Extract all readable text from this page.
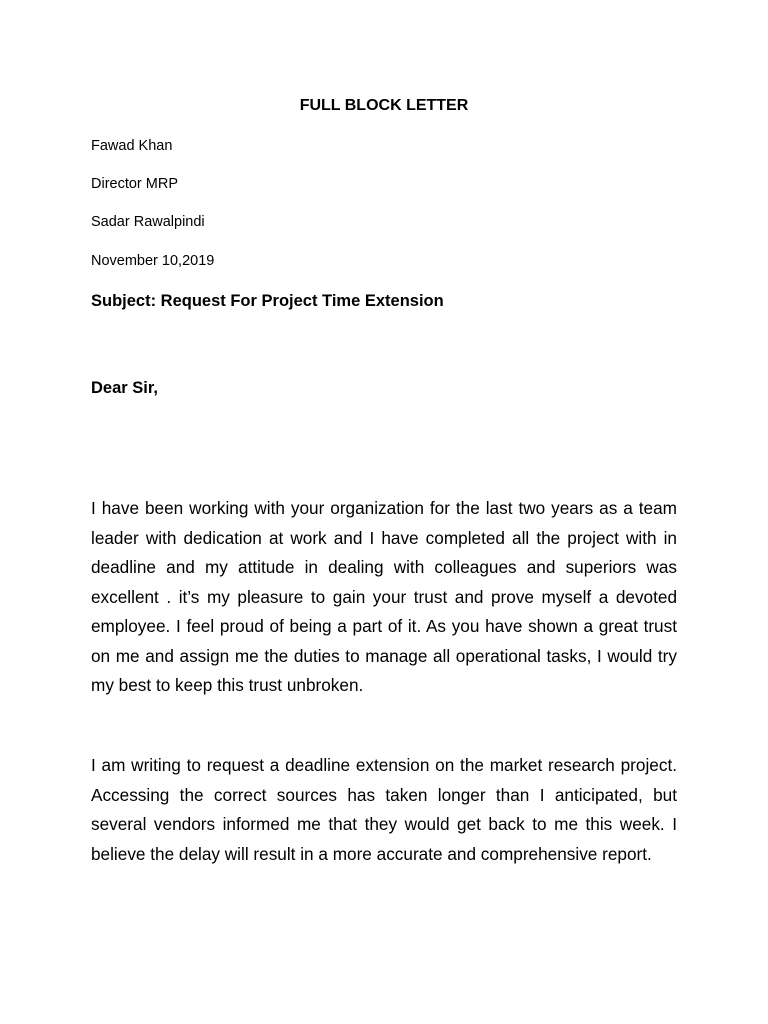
FULL BLOCK LETTER
Fawad Khan
Director MRP
Sadar Rawalpindi
November 10,2019
Subject: Request For Project Time Extension
Dear Sir,
I have been working with your organization for the last two years as a team leader with dedication at work and I have completed all the project with in deadline and my attitude in dealing with colleagues and superiors was excellent . it’s my pleasure to gain your trust and prove myself a devoted employee. I feel proud of being a part of it. As you have shown a great trust on me and assign me the duties to manage all operational tasks, I would try my best to keep this trust unbroken.
I am writing to request a deadline extension on the market research project. Accessing the correct sources has taken longer than I anticipated, but several vendors informed me that they would get back to me this week. I believe the delay will result in a more accurate and comprehensive report.
